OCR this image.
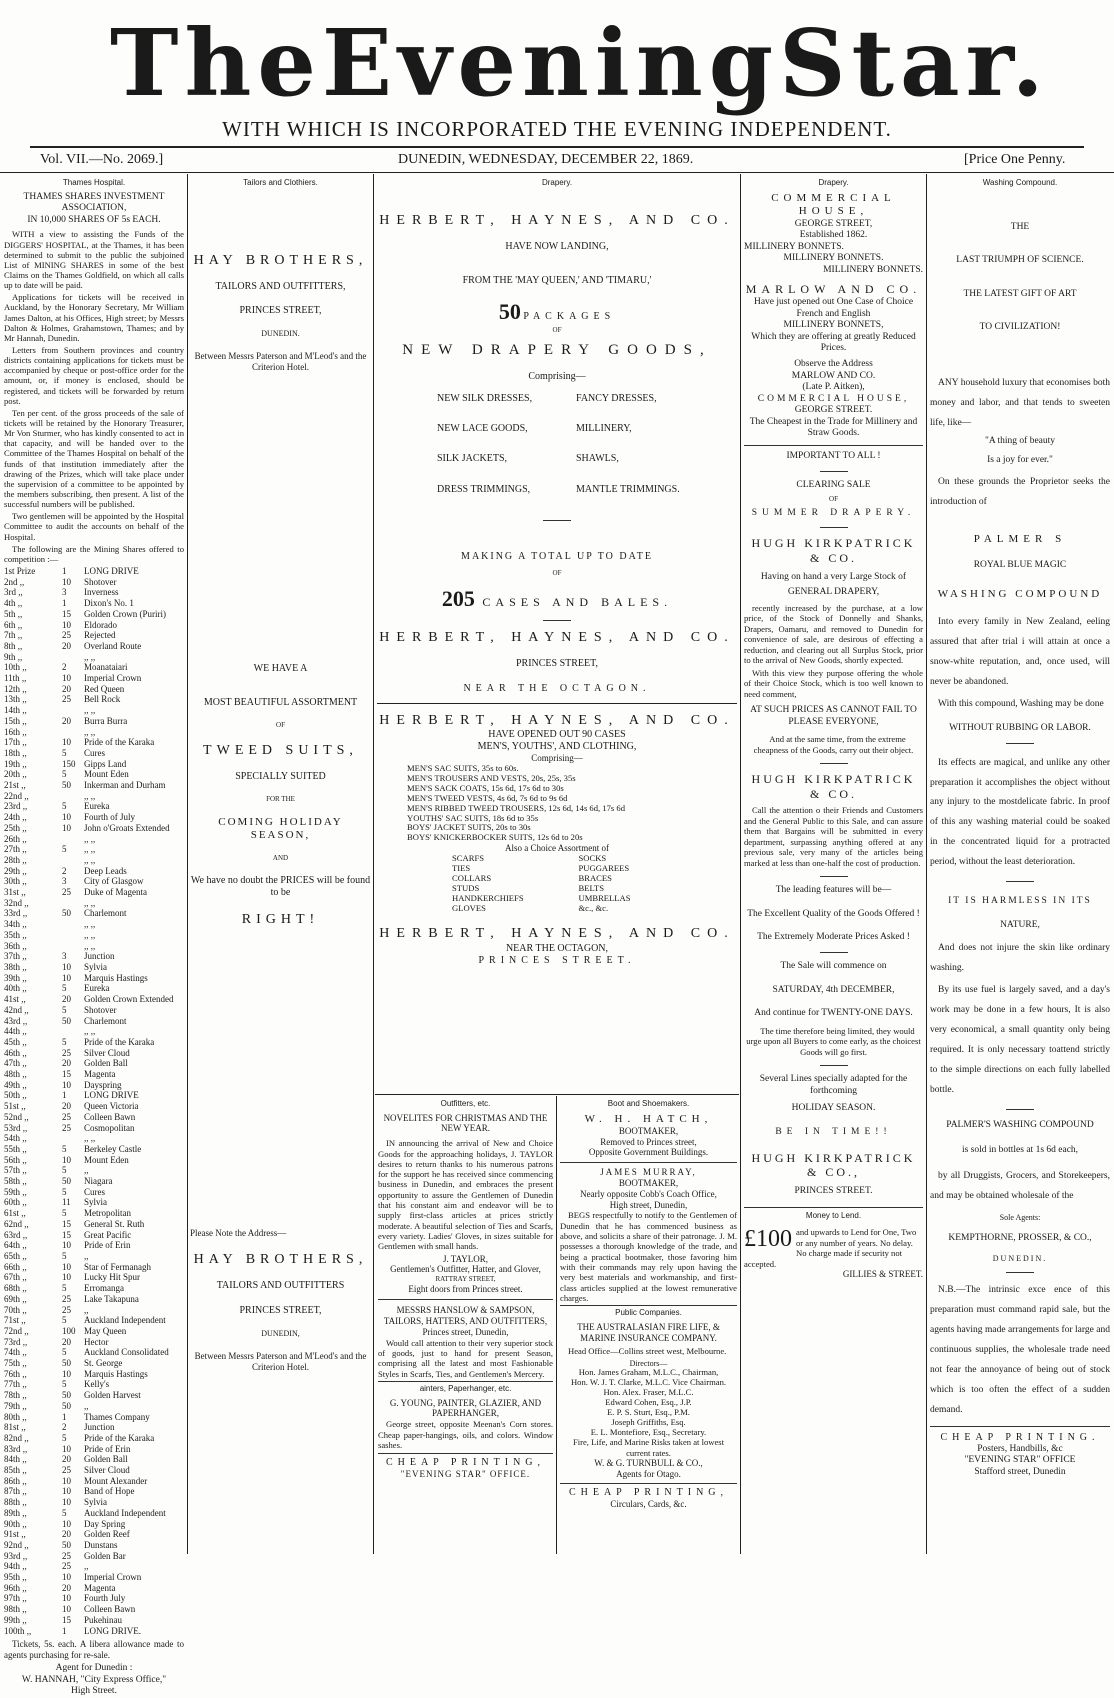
The Evening Star.
WITH WHICH IS INCORPORATED THE EVENING INDEPENDENT.
Vol. VII.—No. 2069.]	DUNEDIN, WEDNESDAY, DECEMBER 22, 1869.	[Price One Penny.
Thames Hospital.
THAMES SHARES INVESTMENT ASSOCIATION,
IN 10,000 SHARES OF 5s EACH.

WITH a view to assisting the Funds of the DIGGERS' HOSPITAL, at the Thames, it has been determined to submit to the public the subjoined List of MINING SHARES in some of the best Claims on the Thames Goldfield, on which all calls up to date will be paid.

Applications for tickets will be received in Auckland, by the Honorary Secretary, Mr William James Dalton, at his Offices, High street; by Messrs Dalton & Holmes, Grahamstown, Thames; and by Mr Hannah, Dunedin.

Letters from Southern provinces and country districts containing applications for tickets must be accompanied by cheque or post-office order for the amount, or, if money is enclosed, should be registered, and tickets will be forwarded by return post.

Ten per cent. of the gross proceeds of the sale of tickets will be retained by the Honorary Treasurer, Mr Von Sturmer, who has kindly consented to act in that capacity, and will be handed over to the Committee of the Thames Hospital on behalf of the funds of that institution immediately after the drawing of the Prizes, which will take place under the supervision of a committee to be appointed by the members subscribing, then present. A list of the successful numbers will be published.

Two gentlemen will be appointed by the Hospital Committee to audit the accounts on behalf of the Hospital.

The following are the Mining Shares offered to competition :—

1st Prize	1	LONG DRIVE
2nd ,,	10	Shotover
3rd ,,	3	Inverness
4th ,,	1	Dixon's No. 1
5th ,,	15	Golden Crown (Puriri)
6th ,,	10	Eldorado
7th ,,	25	Rejected
8th ,,	20	Overland Route
9th ,,	,, ,,
10th ,,	2	Moanataiari
11th ,,	10	Imperial Crown
12th ,,	20	Red Queen
13th ,,	25	Bell Rock
14th ,,	,, ,,
15th ,,	20	Burra Burra
16th ,,	,, ,,
17th ,,	10	Pride of the Karaka
18th ,,	5	Cures
19th ,,	150 Gipps Land
20th ,,	5	Mount Eden
21st ,,	50	Inkerman and Durham
22nd ,,	,, ,,
23rd ,,	5	Eureka
24th ,,	10	Fourth of July
25th ,,	10	John o'Groats Extended
26th ,,	,, ,,
27th ,,	5	,, ,,
28th ,,	,, ,,
29th ,,	2	Deep Leads
30th ,,	3	City of Glasgow
31st ,,	25	Duke of Magenta
32nd ,,	,, ,,
33rd ,,	50	Charlemont
34th ,,	,, ,,
35th ,,	,, ,,
36th ,,	,, ,,
37th ,,	3	Junction
38th ,,	10	Sylvia
39th ,,	10	Marquis Hastings
40th ,,	5	Eureka
41st ,,	20	Golden Crown Extended
42nd ,,	5	Shotover
43rd ,,	50	Charlemont
44th ,,	,, ,,
45th ,,	5	Pride of the Karaka
46th ,,	25	Silver Cloud
47th ,,	20	Golden Ball
48th ,,	15	Magenta
49th ,,	10	Dayspring
50th ,,	1	LONG DRIVE
51st ,,	20	Queen Victoria
52nd ,,	25	Colleen Bawn
53rd ,,	25	Cosmopolitan
54th ,,	,, ,,
55th ,,	5	Berkeley Castle
56th ,,	10	Mount Eden
57th ,,	5	,,
58th ,,	50	Niagara
59th ,,	5	Cures
60th ,,	11	Sylvia
61st ,,	5	Metropolitan
62nd ,,	15	General St. Ruth
63rd ,,	15	Great Pacific
64th ,,	10	Pride of Erin
65th ,,	5	,,
66th ,,	10	Star of Fermanagh
67th ,,	10	Lucky Hit Spur
68th ,,	5	Erromanga
69th ,,	25	Lake Takapuna
70th ,,	25	,,
71st ,,	5	Auckland Independent
72nd ,,	100 May Queen
73rd ,,	20	Hector
74th ,,	5	Auckland Consolidated
75th ,,	50	St. George
76th ,,	10	Marquis Hastings
77th ,,	5	Kelly's
78th ,,	50	Golden Harvest
79th ,,	50	,,
80th ,,	1	Thames Company
81st ,,	2	Junction
82nd ,,	5	Pride of the Karaka
83rd ,,	10	Pride of Erin
84th ,,	20	Golden Ball
85th ,,	25	Silver Cloud
86th ,,	10	Mount Alexander
87th ,,	10	Band of Hope
88th ,,	10	Sylvia
89th ,,	5	Auckland Independent
90th ,,	10	Day Spring
91st ,,	20	Golden Reef
92nd ,,	50	Dunstans
93rd ,,	25	Golden Bar
94th ,,	25	,,
95th ,,	10	Imperial Crown
96th ,,	20	Magenta
97th ,,	10	Fourth July
98th ,,	10	Colleen Bawn
99th ,,	15	Pukehinau
100th ,,	1	LONG DRIVE.

Tickets, 5s. each. A libera allowance made to agents purchasing for re-sale.

Agent for Dunedin :
W. HANNAH, "City Express Office,"
High Street.
Tailors and Clothiers.
HAY BROTHERS,
TAILORS AND OUTFITTERS,
PRINCES STREET,
DUNEDIN.
Between Messrs Paterson and M'Leod's and the Criterion Hotel.
WE HAVE A
MOST BEAUTIFUL ASSORTMENT
OF
TWEED SUITS,
SPECIALLY SUITED
FOR THE
COMING HOLIDAY SEASON,
AND
We have no doubt the PRICES will be found to be
RIGHT!
Please Note the Address—
HAY BROTHERS,
TAILORS AND OUTFITTERS
PRINCES STREET,
DUNEDIN,
Between Messrs Paterson and M'Leod's and the Criterion Hotel.
Drapery.
HERBERT, HAYNES, AND CO.
HAVE NOW LANDING,
FROM THE 'MAY QUEEN,' AND 'TIMARU,'
50 PACKAGES
OF
NEW DRAPERY GOODS,
Comprising—
NEW SILK DRESSES,	FANCY DRESSES,
NEW LACE GOODS,	MILLINERY,
SILK JACKETS,	SHAWLS,
DRESS TRIMMINGS,	MANTLE TRIMMINGS.
MAKING A TOTAL UP TO DATE
OF
205 CASES AND BALES.
HERBERT, HAYNES, AND CO.
PRINCES STREET,
NEAR THE OCTAGON.
HERBERT, HAYNES, AND CO.
HAVE OPENED OUT 90 CASES
MEN'S, YOUTHS', AND CLOTHING,
Comprising—
MEN'S SAC SUITS, 35s to 60s.
MEN'S TROUSERS AND VESTS, 20s, 25s, 35s
MEN'S SACK COATS, 15s 6d, 17s 6d to 30s
MEN'S TWEED VESTS, 4s 6d, 7s 6d to 9s 6d
MEN'S RIBBED TWEED TROUSERS, 12s 6d, 14s 6d, 17s 6d
YOUTHS' SAC SUITS, 18s 6d to 35s
BOYS' JACKET SUITS, 20s to 30s
BOYS' KNICKERBOCKER SUITS, 12s 6d to 20s
Also a Choice Assortment of
SCARFS	SOCKS
TIES	PUGGAREES
COLLARS	BRACES
STUDS	BELTS
HANDKERCHIEFS	UMBRELLAS
GLOVES	&c., &c.
HERBERT, HAYNES, AND CO.
NEAR THE OCTAGON,
PRINCES STREET.
Outfitters, etc.
NOVELITES FOR CHRISTMAS AND THE NEW YEAR.

IN announcing the arrival of New and Choice Goods for the approaching holidays, J. TAYLOR desires to return thanks to his numerous patrons for the support he has received since commencing business in Dunedin, and embraces the present opportunity to assure the Gentlemen of Dunedin that his constant aim and endeavor will be to supply first-class articles at prices strictly moderate. A beautiful selection of Ties and Scarfs, every variety. Ladies' Gloves, in sizes suitable for Gentlemen with small hands.

J. TAYLOR,
Gentlemen's Outfitter, Hatter, and Glover,
RATTRAY STREET,
Eight doors from Princes street.
MESSRS HANSLOW & SAMPSON,
TAILORS, HATTERS, AND OUTFITTERS,
Princes street, Dunedin,

Would call attention to their very superior stock of goods, just to hand for present Season, comprising all the latest and most Fashionable Styles in Scarfs, Ties, and Gentlemen's Mercery.

ainters, Paperhanger, etc.
G. YOUNG, PAINTER, GLAZIER, AND PAPERHANGER,

George street, opposite Meenan's Corn stores. Cheap paper-hangings, oils, and colors. Window sashes.

CHEAP PRINTING,
"EVENING STAR" OFFICE.
Boot and Shoemakers.
W. H. HATCH,
BOOTMAKER,
Removed to Princes street,
Opposite Government Buildings.
JAMES MURRAY,
BOOTMAKER,
Nearly opposite Cobb's Coach Office,
High street, Dunedin,

BEGS respectfully to notify to the Gentlemen of Dunedin that he has commenced business as above, and solicits a share of their patronage. J. M. possesses a thorough knowledge of the trade, and being a practical bootmaker, those favoring him with their commands may rely upon having the very best materials and workmanship, and first-class articles supplied at the lowest remunerative charges.

Public Companies.
THE AUSTRALASIAN FIRE LIFE, & MARINE INSURANCE COMPANY.

Head Office—Collins street west, Melbourne.

Directors—
Hon. James Graham, M.L.C., Chairman,
Hon. W. J. T. Clarke, M.L.C. Vice Chairman.
Hon. Alex. Fraser, M.L.C.
Edward Cohen, Esq., J.P.
E. P. S. Sturt, Esq., P.M.
Joseph Griffiths, Esq.
E. L. Montefiore, Esq., Secretary.
Fire, Life, and Marine Risks taken at lowest current rates.
W. & G. TURNBULL & CO.,
Agents for Otago.
CHEAP PRINTING,
Circulars, Cards, &c.
Drapery.
COMMERCIAL HOUSE,
GEORGE STREET,
Established 1862.
MILLINERY BONNETS.
MILLINERY BONNETS.
MILLINERY BONNETS.
MARLOW AND CO.
Have just opened out One Case of Choice French and English
MILLINERY BONNETS,
Which they are offering at greatly Reduced Prices.
Observe the Address
MARLOW AND CO.
(Late P. Aitken),
COMMERCIAL HOUSE,
GEORGE STREET.
The Cheapest in the Trade for Millinery and Straw Goods.
IMPORTANT TO ALL !
CLEARING SALE
OF
SUMMER DRAPERY.
HUGH KIRKPATRICK & CO.
Having on hand a very Large Stock of
GENERAL DRAPERY,

recently increased by the purchase, at a low price, of the Stock of Donnelly and Shanks, Drapers, Oamaru, and removed to Dunedin for convenience of sale, are desirous of effecting a reduction, and clearing out all Surplus Stock, prior to the arrival of New Goods, shortly expected.

With this view they purpose offering the whole of their Choice Stock, which is too well known to need comment,

AT SUCH PRICES AS CANNOT FAIL TO PLEASE EVERYONE,

And at the same time, from the extreme cheapness of the Goods, carry out their object.

HUGH KIRKPATRICK & CO.

Call the attention o their Friends and Customers and the General Public to this Sale, and can assure them that Bargains will be submitted in every department, surpassing anything offered at any previous sale, very many of the articles being marked at less than one-half the cost of production.

The leading features will be—
The Excellent Quality of the Goods Offered !
The Extremely Moderate Prices Asked !
The Sale will commence on
SATURDAY, 4th DECEMBER,
And continue for TWENTY-ONE DAYS.

The time therefore being limited, they would urge upon all Buyers to come early, as the choicest Goods will go first.

Several Lines specially adapted for the forthcoming
HOLIDAY SEASON.
BE IN TIME!!
HUGH KIRKPATRICK & CO.,
PRINCES STREET.
Money to Lend.
£100 and upwards to Lend for One, Two or any number of years. No delay. No charge made if security not accepted.
GILLIES & STREET.
Washing Compound.
THE
LAST TRIUMPH OF SCIENCE.
THE LATEST GIFT OF ART
TO CIVILIZATION!

ANY household luxury that economises both money and labor, and that tends to sweeten life, like—

"A thing of beauty
Is a joy for ever."

On these grounds the Proprietor seeks the introduction of

PALMER S
ROYAL BLUE MAGIC
WASHING COMPOUND

Into every family in New Zealand, eeling assured that after trial i will attain at once a snow-white reputation, and, once used, will never be abandoned.

With this compound, Washing may be done

WITHOUT RUBBING OR LABOR.

Its effects are magical, and unlike any other preparation it accomplishes the object without any injury to the mostdelicate fabric. In proof of this any washing material could be soaked in the concentrated liquid for a protracted period, without the least deterioration.

IT IS HARMLESS IN ITS
NATURE,

And does not injure the skin like ordinary washing.

By its use fuel is largely saved, and a day's work may be done in a few hours, It is also very economical, a small quantity only being required. It is only necessary toattend strictly to the simple directions on each fully labelled bottle.

PALMER'S WASHING COMPOUND
is sold in bottles at 1s 6d each,

by all Druggists, Grocers, and Storekeepers, and may be obtained wholesale of the

Sole Agents:
KEMPTHORNE, PROSSER, & CO.,
DUNEDIN.

N.B.—The intrinsic exce ence of this preparation must command rapid sale, but the agents having made arrangements for large and continuous supplies, the wholesale trade need not fear the annoyance of being out of stock which is too often the effect of a sudden demand.

CHEAP PRINTING.
Posters, Handbills, &c
"EVENING STAR" OFFICE
Stafford street, Dunedin
